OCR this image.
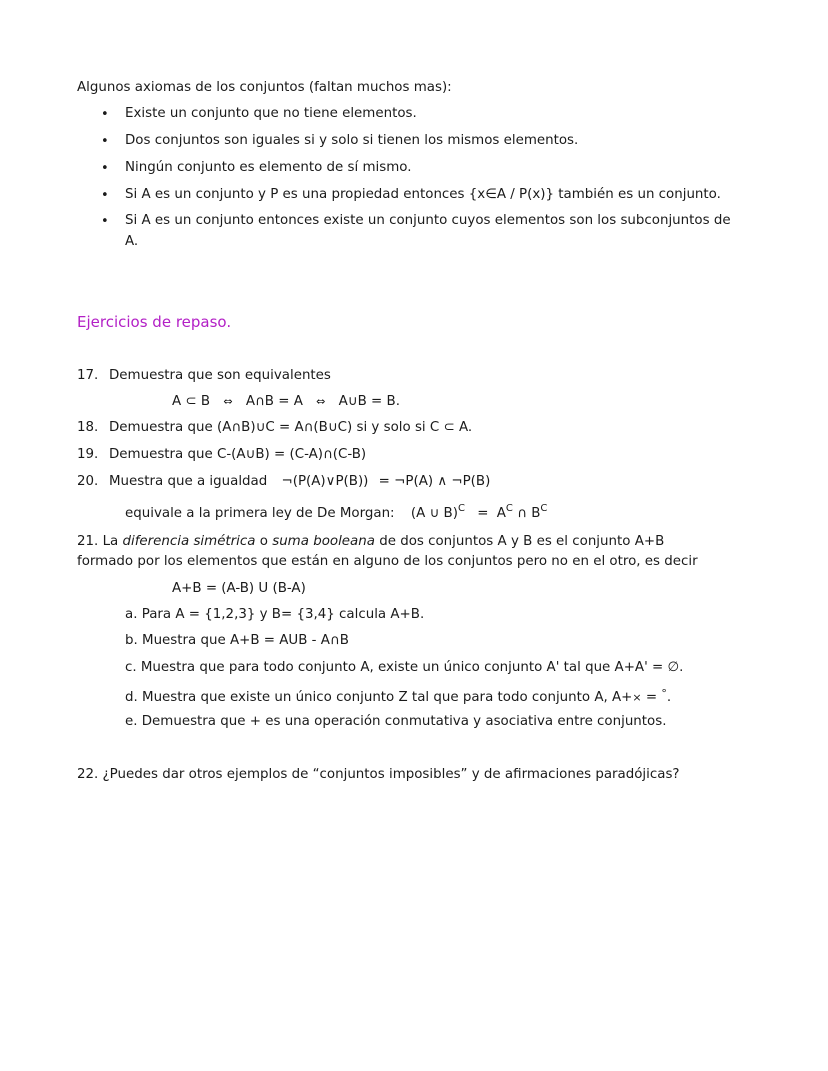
Algunos axiomas de los conjuntos (faltan muchos mas):
• Existe un conjunto que no tiene elementos.
• Dos conjuntos son iguales si y solo si tienen los mismos elementos.
• Ningún conjunto es elemento de sí mismo.
• Si A es un conjunto y P es una propiedad entonces {x∈A / P(x)} también es un conjunto.
• Si A es un conjunto entonces existe un conjunto cuyos elementos son los subconjuntos de
A.
Ejercicios de repaso.
17. Demuestra que son equivalentes
A ⊂ B ⇔ A∩B = A ⇔ A∪B = B.
18. Demuestra que (A∩B)∪C = A∩(B∪C) si y solo si C ⊂ A.
19. Demuestra que C-(A∪B) = (C-A)∩(C-B)
20. Muestra que a igualdad ¬(P(A)∨P(B)) = ¬P(A) ∧ ¬P(B)
equivale a la primera ley de De Morgan: (A ∪ $B)^C = A^C$ ∩ $B^C$
21. La diferencia simétrica o suma booleana de dos conjuntos A y B es el conjunto A+B
formado por los elementos que están en alguno de los conjuntos pero no en el otro, es decir
A+B = (A-B) U (B-A)
a. Para A = {1,2,3} y B= {3,4} calcula A+B.
b. Muestra que A+B = AUB - A∩B
c. Muestra que para todo conjunto A, existe un único conjunto A' tal que A+A' = ∅.
d. Muestra que existe un único conjunto Z tal que para todo conjunto A, A+× = °.
e. Demuestra que + es una operación conmutativa y asociativa entre conjuntos.
22. ¿Puedes dar otros ejemplos de “conjuntos imposibles” y de afirmaciones paradójicas?
